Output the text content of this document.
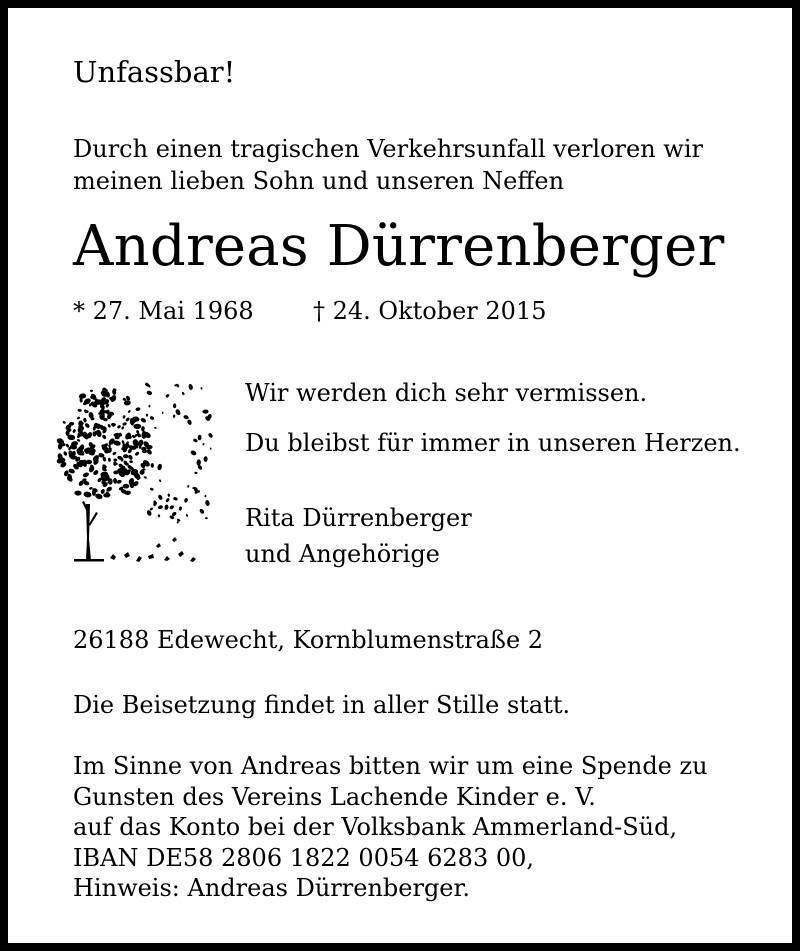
Unfassbar!

Durch einen tragischen Verkehrsunfall verloren wir
meinen lieben Sohn und unseren Neffen

Andreas Dürrenberger

* 27. Mai 1968 † 24. Oktober 2015

Wir werden dich sehr vermissen.

Du bleibst für immer in unseren Herzen.

Rita Dürrenberger
und Angehörige

26188 Edewecht, Kornblumenstraße 2

Die Beisetzung findet in aller Stille statt.

Im Sinne von Andreas bitten wir um eine Spende zu
Gunsten des Vereins Lachende Kinder e. V.
auf das Konto bei der Volksbank Ammerland-Süd,
IBAN DE58 2806 1822 0054 6283 00,
Hinweis: Andreas Dürrenberger.
